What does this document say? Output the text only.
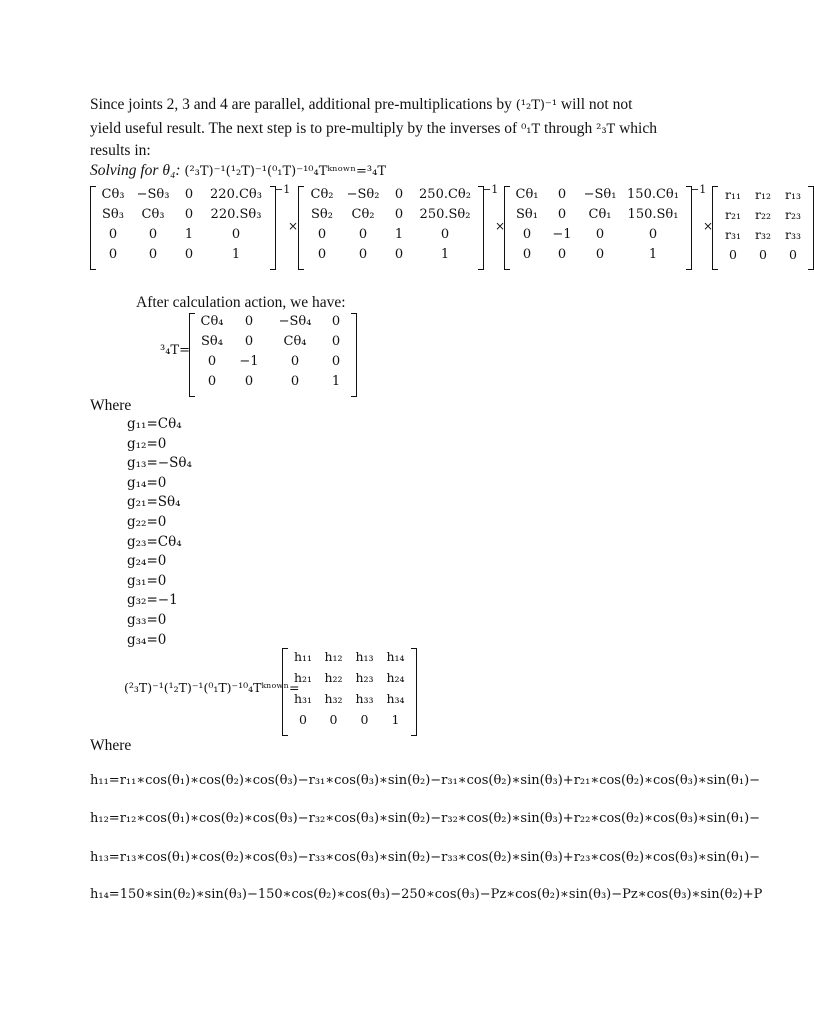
Since joints 2, 3 and 4 are parallel, additional pre-multiplications by (¹₂T)⁻¹ will not not
yield useful result. The next step is to pre-multiply by the inverses of ⁰₁T through ²₃T which
results in:
Solving for θ₄: (²₃T)⁻¹(¹₂T)⁻¹(⁰₁T)⁻¹⁰₄Tᵏⁿᵒʷⁿ=³₄T
Cθ₃ −Sθ₃	0	220.Cθ₃
Sθ₃	Cθ₃	0	220.Sθ₃
0	0	1	0
0	0	0	1
−1
×
Cθ₂	−Sθ₂	0	250.Cθ₂
Sθ₂	Cθ₂	0	250.Sθ₂
0	0	1	0
0	0	0	1
−1
×
Cθ₁	0	−Sθ₁ 150.Cθ₁
Sθ₁	0	Cθ₁	150.Sθ₁
0	−1	0	0
0	0	0	1
−1
×
r₁₁	r₁₂	r₁₃
r₂₁	r₂₂	r₂₃
r₃₁	r₃₂	r₃₃
0	0	0
After calculation action, we have:
³₄T=
Cθ₄	0	−Sθ₄	0
Sθ₄	0	Cθ₄	0
0	−1	0	0
0	0	0	1
Where
g₁₁=Cθ₄
g₁₂=0
g₁₃=−Sθ₄
g₁₄=0
g₂₁=Sθ₄
g₂₂=0
g₂₃=Cθ₄
g₂₄=0
g₃₁=0
g₃₂=−1
g₃₃=0
g₃₄=0
(²₃T)⁻¹(¹₂T)⁻¹(⁰₁T)⁻¹⁰₄Tᵏⁿᵒʷⁿ=
h₁₁ h₁₂	h₁₃	h₁₄
h₂₁ h₂₂	h₂₃	h₂₄
h₃₁ h₃₂	h₃₃	h₃₄
0	0	0	1
Where
h₁₁=r₁₁∗cos(θ₁)∗cos(θ₂)∗cos(θ₃)−r₃₁∗cos(θ₃)∗sin(θ₂)−r₃₁∗cos(θ₂)∗sin(θ₃)+r₂₁∗cos(θ₂)∗cos(θ₃)∗sin(θ₁)−
h₁₂=r₁₂∗cos(θ₁)∗cos(θ₂)∗cos(θ₃)−r₃₂∗cos(θ₃)∗sin(θ₂)−r₃₂∗cos(θ₂)∗sin(θ₃)+r₂₂∗cos(θ₂)∗cos(θ₃)∗sin(θ₁)−
h₁₃=r₁₃∗cos(θ₁)∗cos(θ₂)∗cos(θ₃)−r₃₃∗cos(θ₃)∗sin(θ₂)−r₃₃∗cos(θ₂)∗sin(θ₃)+r₂₃∗cos(θ₂)∗cos(θ₃)∗sin(θ₁)−
h₁₄=150∗sin(θ₂)∗sin(θ₃)−150∗cos(θ₂)∗cos(θ₃)−250∗cos(θ₃)−Pz∗cos(θ₂)∗sin(θ₃)−Pz∗cos(θ₃)∗sin(θ₂)+P
